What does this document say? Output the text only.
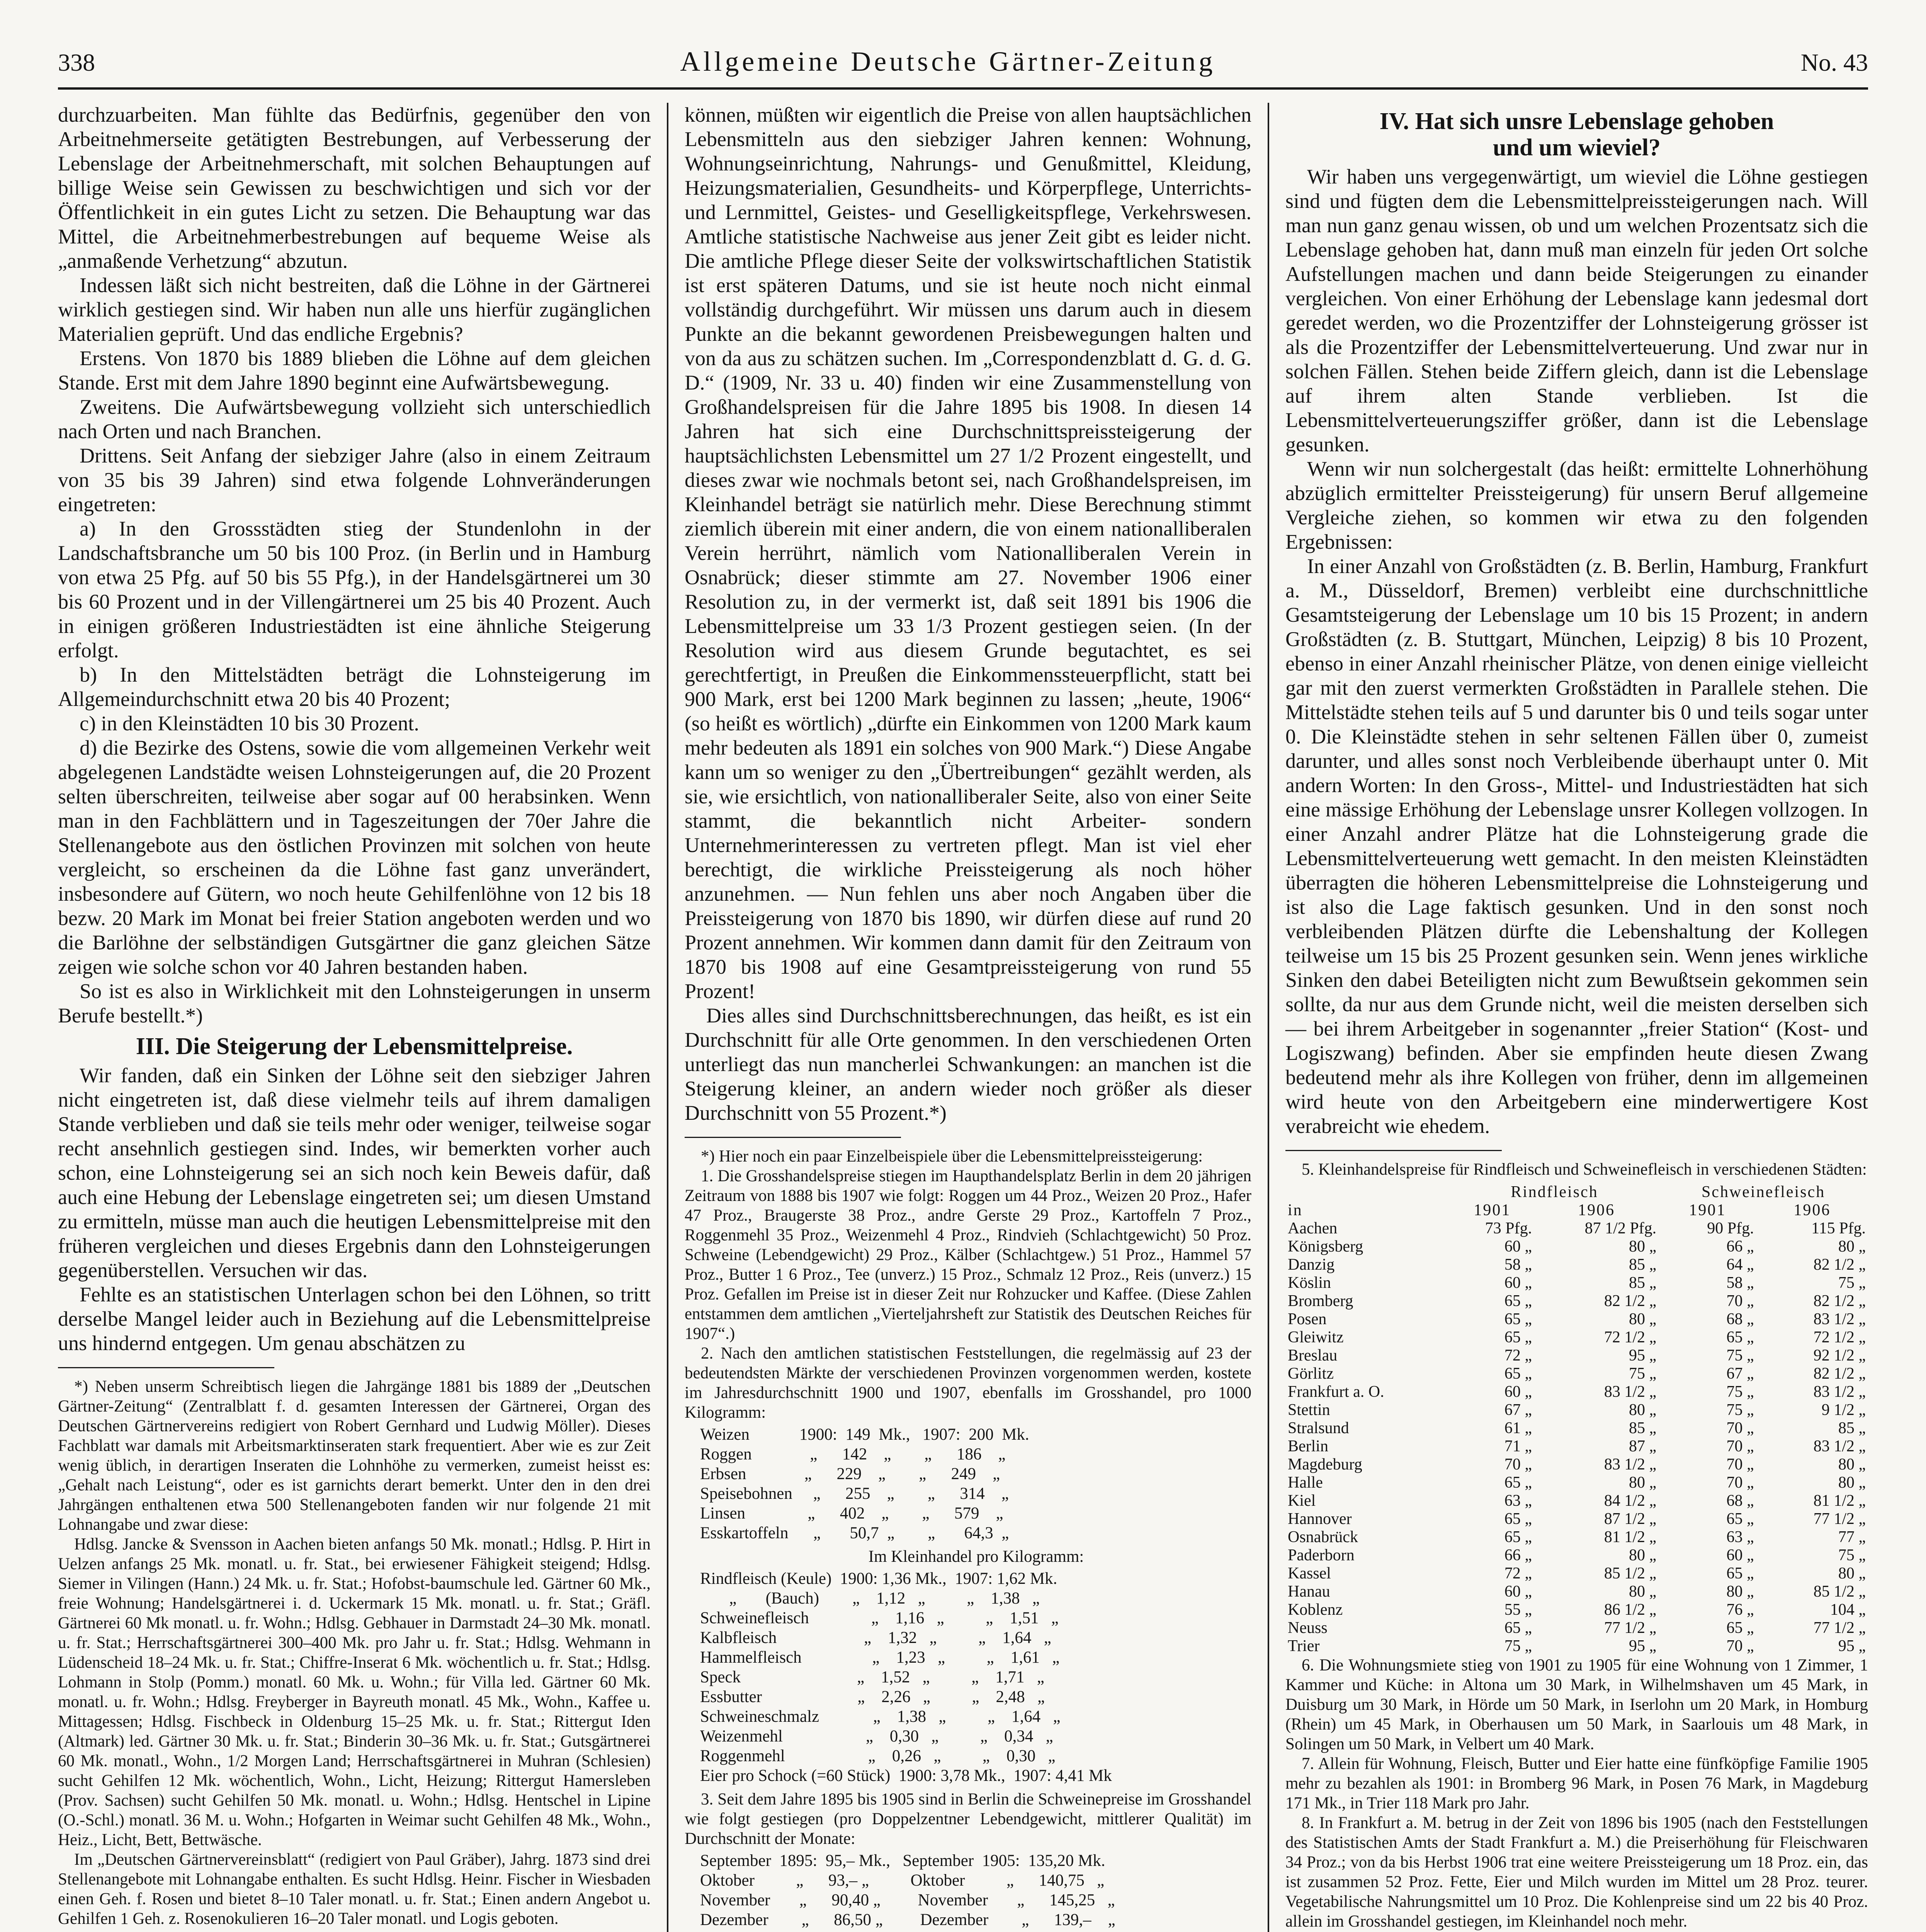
338	Allgemeine Deutsche Gärtner-Zeitung	No. 43

durchzuarbeiten. Man fühlte das Bedürfnis, gegenüber den von Arbeitnehmerseite getätigten Bestrebungen, auf Verbesserung der Lebenslage der Arbeitnehmerschaft, mit solchen Behauptungen auf billige Weise sein Gewissen zu beschwichtigen und sich vor der Öffentlichkeit in ein gutes Licht zu setzen. Die Behauptung war das Mittel, die Arbeitnehmerbestrebungen auf bequeme Weise als „anmaßende Verhetzung“ abzutun.

Indessen läßt sich nicht bestreiten, daß die Löhne in der Gärtnerei wirklich gestiegen sind. Wir haben nun alle uns hierfür zugänglichen Materialien geprüft. Und das endliche Ergebnis?

Erstens. Von 1870 bis 1889 blieben die Löhne auf dem gleichen Stande. Erst mit dem Jahre 1890 beginnt eine Aufwärtsbewegung.

Zweitens. Die Aufwärtsbewegung vollzieht sich unterschiedlich nach Orten und nach Branchen.

Drittens. Seit Anfang der siebziger Jahre (also in einem Zeitraum von 35 bis 39 Jahren) sind etwa folgende Lohnveränderungen eingetreten:

a) In den Grossstädten stieg der Stundenlohn in der Landschaftsbranche um 50 bis 100 Proz. (in Berlin und in Hamburg von etwa 25 Pfg. auf 50 bis 55 Pfg.), in der Handelsgärtnerei um 30 bis 60 Prozent und in der Villengärtnerei um 25 bis 40 Prozent. Auch in einigen größeren Industriestädten ist eine ähnliche Steigerung erfolgt.

b) In den Mittelstädten beträgt die Lohnsteigerung im Allgemeindurchschnitt etwa 20 bis 40 Prozent;

c) in den Kleinstädten 10 bis 30 Prozent.

d) die Bezirke des Ostens, sowie die vom allgemeinen Verkehr weit abgelegenen Landstädte weisen Lohnsteigerungen auf, die 20 Prozent selten überschreiten, teilweise aber sogar auf 00 herabsinken. Wenn man in den Fachblättern und in Tageszeitungen der 70er Jahre die Stellenangebote aus den östlichen Provinzen mit solchen von heute vergleicht, so erscheinen da die Löhne fast ganz unverändert, insbesondere auf Gütern, wo noch heute Gehilfenlöhne von 12 bis 18 bezw. 20 Mark im Monat bei freier Station angeboten werden und wo die Barlöhne der selbständigen Gutsgärtner die ganz gleichen Sätze zeigen wie solche schon vor 40 Jahren bestanden haben.

So ist es also in Wirklichkeit mit den Lohnsteigerungen in unserm Berufe bestellt.*)

III. Die Steigerung der Lebensmittelpreise.

Wir fanden, daß ein Sinken der Löhne seit den siebziger Jahren nicht eingetreten ist, daß diese vielmehr teils auf ihrem damaligen Stande verblieben und daß sie teils mehr oder weniger, teilweise sogar recht ansehnlich gestiegen sind. Indes, wir bemerkten vorher auch schon, eine Lohnsteigerung sei an sich noch kein Beweis dafür, daß auch eine Hebung der Lebenslage eingetreten sei; um diesen Umstand zu ermitteln, müsse man auch die heutigen Lebensmittelpreise mit den früheren vergleichen und dieses Ergebnis dann den Lohnsteigerungen gegenüberstellen. Versuchen wir das.

Fehlte es an statistischen Unterlagen schon bei den Löhnen, so tritt derselbe Mangel leider auch in Beziehung auf die Lebensmittelpreise uns hindernd entgegen. Um genau abschätzen zu

*) Neben unserm Schreibtisch liegen die Jahrgänge 1881 bis 1889 der „Deutschen Gärtner-Zeitung“ (Zentralblatt f. d. gesamten Interessen der Gärtnerei, Organ des Deutschen Gärtnervereins redigiert von Robert Gernhard und Ludwig Möller). Dieses Fachblatt war damals mit Arbeitsmarktinseraten stark frequentiert. Aber wie es zur Zeit wenig üblich, in derartigen Inseraten die Lohnhöhe zu vermerken, zumeist heisst es: „Gehalt nach Leistung“, oder es ist garnichts derart bemerkt. Unter den in den drei Jahrgängen enthaltenen etwa 500 Stellenangeboten fanden wir nur folgende 21 mit Lohnangabe und zwar diese:

Hdlsg. Jancke & Svensson in Aachen bieten anfangs 50 Mk. monatl.; Hdlsg. P. Hirt in Uelzen anfangs 25 Mk. monatl. u. fr. Stat., bei erwiesener Fähigkeit steigend; Hdlsg. Siemer in Vilingen (Hann.) 24 Mk. u. fr. Stat.; Hofobst-baumschule led. Gärtner 60 Mk., freie Wohnung; Handelsgärtnerei i. d. Uckermark 15 Mk. monatl. u. fr. Stat.; Gräfl. Gärtnerei 60 Mk monatl. u. fr. Wohn.; Hdlsg. Gebhauer in Darmstadt 24–30 Mk. monatl. u. fr. Stat.; Herrschaftsgärtnerei 300–400 Mk. pro Jahr u. fr. Stat.; Hdlsg. Wehmann in Lüdenscheid 18–24 Mk. u. fr. Stat.; Chiffre-Inserat 6 Mk. wöchentlich u. fr. Stat.; Hdlsg. Lohmann in Stolp (Pomm.) monatl. 60 Mk. u. Wohn.; für Villa led. Gärtner 60 Mk. monatl. u. fr. Wohn.; Hdlsg. Freyberger in Bayreuth monatl. 45 Mk., Wohn., Kaffee u. Mittagessen; Hdlsg. Fischbeck in Oldenburg 15–25 Mk. u. fr. Stat.; Rittergut Iden (Altmark) led. Gärtner 30 Mk. u. fr. Stat.; Binderin 30–36 Mk. u. fr. Stat.; Gutsgärtnerei 60 Mk. monatl., Wohn., 1/2 Morgen Land; Herrschaftsgärtnerei in Muhran (Schlesien) sucht Gehilfen 12 Mk. wöchentlich, Wohn., Licht, Heizung; Rittergut Hamersleben (Prov. Sachsen) sucht Gehilfen 50 Mk. monatl. u. Wohn.; Hdlsg. Hentschel in Lipine (O.-Schl.) monatl. 36 M. u. Wohn.; Hofgarten in Weimar sucht Gehilfen 48 Mk., Wohn., Heiz., Licht, Bett, Bettwäsche.

Im „Deutschen Gärtnervereinsblatt“ (redigiert von Paul Gräber), Jahrg. 1873 sind drei Stellenangebote mit Lohnangabe enthalten. Es sucht Hdlsg. Heinr. Fischer in Wiesbaden einen Geh. f. Rosen und bietet 8–10 Taler monatl. u. fr. Stat.; Einen andern Angebot u. Gehilfen 1 Geh. z. Rosenokulieren 16–20 Taler monatl. und Logis geboten.

können, müßten wir eigentlich die Preise von allen hauptsächlichen Lebensmitteln aus den siebziger Jahren kennen: Wohnung, Wohnungseinrichtung, Nahrungs- und Genußmittel, Kleidung, Heizungsmaterialien, Gesundheits- und Körperpflege, Unterrichts- und Lernmittel, Geistes- und Geselligkeitspflege, Verkehrswesen. Amtliche statistische Nachweise aus jener Zeit gibt es leider nicht. Die amtliche Pflege dieser Seite der volkswirtschaftlichen Statistik ist erst späteren Datums, und sie ist heute noch nicht einmal vollständig durchgeführt. Wir müssen uns darum auch in diesem Punkte an die bekannt gewordenen Preisbewegungen halten und von da aus zu schätzen suchen. Im „Correspondenzblatt d. G. d. G. D.“ (1909, Nr. 33 u. 40) finden wir eine Zusammenstellung von Großhandelspreisen für die Jahre 1895 bis 1908. In diesen 14 Jahren hat sich eine Durchschnittspreissteigerung der hauptsächlichsten Lebensmittel um 27 1/2 Prozent eingestellt, und dieses zwar wie nochmals betont sei, nach Großhandelspreisen, im Kleinhandel beträgt sie natürlich mehr. Diese Berechnung stimmt ziemlich überein mit einer andern, die von einem nationalliberalen Verein herrührt, nämlich vom Nationalliberalen Verein in Osnabrück; dieser stimmte am 27. November 1906 einer Resolution zu, in der vermerkt ist, daß seit 1891 bis 1906 die Lebensmittelpreise um 33 1/3 Prozent gestiegen seien. (In der Resolution wird aus diesem Grunde begutachtet, es sei gerechtfertigt, in Preußen die Einkommenssteuerpflicht, statt bei 900 Mark, erst bei 1200 Mark beginnen zu lassen; „heute, 1906“ (so heißt es wörtlich) „dürfte ein Einkommen von 1200 Mark kaum mehr bedeuten als 1891 ein solches von 900 Mark.“) Diese Angabe kann um so weniger zu den „Übertreibungen“ gezählt werden, als sie, wie ersichtlich, von nationalliberaler Seite, also von einer Seite stammt, die bekanntlich nicht Arbeiter- sondern Unternehmerinteressen zu vertreten pflegt. Man ist viel eher berechtigt, die wirkliche Preissteigerung als noch höher anzunehmen. — Nun fehlen uns aber noch Angaben über die Preissteigerung von 1870 bis 1890, wir dürfen diese auf rund 20 Prozent annehmen. Wir kommen dann damit für den Zeitraum von 1870 bis 1908 auf eine Gesamtpreissteigerung von rund 55 Prozent!

Dies alles sind Durchschnittsberechnungen, das heißt, es ist ein Durchschnitt für alle Orte genommen. In den verschiedenen Orten unterliegt das nun mancherlei Schwankungen: an manchen ist die Steigerung kleiner, an andern wieder noch größer als dieser Durchschnitt von 55 Prozent.*)

*) Hier noch ein paar Einzelbeispiele über die Lebensmittelpreissteigerung:

1. Die Grosshandelspreise stiegen im Haupthandelsplatz Berlin in dem 20 jährigen Zeitraum von 1888 bis 1907 wie folgt: Roggen um 44 Proz., Weizen 20 Proz., Hafer 47 Proz., Braugerste 38 Proz., andre Gerste 29 Proz., Kartoffeln 7 Proz., Roggenmehl 35 Proz., Weizenmehl 4 Proz., Rindvieh (Schlachtgewicht) 50 Proz. Schweine (Lebendgewicht) 29 Proz., Kälber (Schlachtgew.) 51 Proz., Hammel 57 Proz., Butter 1 6 Proz., Tee (unverz.) 15 Proz., Schmalz 12 Proz., Reis (unverz.) 15 Proz. Gefallen im Preise ist in dieser Zeit nur Rohzucker und Kaffee. (Diese Zahlen entstammen dem amtlichen „Vierteljahrsheft zur Statistik des Deutschen Reiches für 1907“.)

2. Nach den amtlichen statistischen Feststellungen, die regelmässig auf 23 der bedeutendsten Märkte der verschiedenen Provinzen vorgenommen werden, kostete im Jahresdurchschnitt 1900 und 1907, ebenfalls im Grosshandel, pro 1000 Kilogramm:

Weizen            1900:  149  Mk.,   1907:  200  Mk.
Roggen              „      142    „        „      186    „
Erbsen              „      229    „        „      249    „
Speisebohnen     „      255    „        „      314    „
Linsen               „      402    „        „      579    „
Esskartoffeln      „       50,7  „        „       64,3  „

Im Kleinhandel pro Kilogramm:

Rindfleisch (Keule)  1900: 1,36 Mk.,  1907: 1,62 Mk.
„       (Bauch)        „    1,12   „          „    1,38   „
Schweinefleisch               „    1,16   „          „    1,51   „
Kalbfleisch                     „    1,32   „          „    1,64   „
Hammelfleisch                 „    1,23   „          „    1,61   „
Speck                            „    1,52   „          „    1,71   „
Essbutter                       „    2,26   „          „    2,48   „
Schweineschmalz             „    1,38   „          „    1,64   „
Weizenmehl                    „    0,30   „          „    0,34   „
Roggenmehl                    „    0,26   „          „    0,30   „
Eier pro Schock (=60 Stück)  1900: 3,78 Mk.,  1907: 4,41 Mk

3. Seit dem Jahre 1895 bis 1905 sind in Berlin die Schweinepreise im Grosshandel wie folgt gestiegen (pro Doppelzentner Lebendgewicht, mittlerer Qualität) im Durchschnitt der Monate:

September  1895:  95,– Mk.,   September  1905:  135,20 Mk.
Oktober          „      93,– „          Oktober          „      140,75   „
November       „      90,40 „         November       „      145,25   „
Dezember        „      86,50 „         Dezember        „      139,–    „

IV. Hat sich unsre Lebenslage gehoben
und um wieviel?

Wir haben uns vergegenwärtigt, um wieviel die Löhne gestiegen sind und fügten dem die Lebensmittelpreissteigerungen nach. Will man nun ganz genau wissen, ob und um welchen Prozentsatz sich die Lebenslage gehoben hat, dann muß man einzeln für jeden Ort solche Aufstellungen machen und dann beide Steigerungen zu einander vergleichen. Von einer Erhöhung der Lebenslage kann jedesmal dort geredet werden, wo die Prozentziffer der Lohnsteigerung grösser ist als die Prozentziffer der Lebensmittelverteuerung. Und zwar nur in solchen Fällen. Stehen beide Ziffern gleich, dann ist die Lebenslage auf ihrem alten Stande verblieben. Ist die Lebensmittelverteuerungsziffer größer, dann ist die Lebenslage gesunken.

Wenn wir nun solchergestalt (das heißt: ermittelte Lohnerhöhung abzüglich ermittelter Preissteigerung) für unsern Beruf allgemeine Vergleiche ziehen, so kommen wir etwa zu den folgenden Ergebnissen:

In einer Anzahl von Großstädten (z. B. Berlin, Hamburg, Frankfurt a. M., Düsseldorf, Bremen) verbleibt eine durchschnittliche Gesamtsteigerung der Lebenslage um 10 bis 15 Prozent; in andern Großstädten (z. B. Stuttgart, München, Leipzig) 8 bis 10 Prozent, ebenso in einer Anzahl rheinischer Plätze, von denen einige vielleicht gar mit den zuerst vermerkten Großstädten in Parallele stehen. Die Mittelstädte stehen teils auf 5 und darunter bis 0 und teils sogar unter 0. Die Kleinstädte stehen in sehr seltenen Fällen über 0, zumeist darunter, und alles sonst noch Verbleibende überhaupt unter 0. Mit andern Worten: In den Gross-, Mittel- und Industriestädten hat sich eine mässige Erhöhung der Lebenslage unsrer Kollegen vollzogen. In einer Anzahl andrer Plätze hat die Lohnsteigerung grade die Lebensmittelverteuerung wett gemacht. In den meisten Kleinstädten überragten die höheren Lebensmittelpreise die Lohnsteigerung und ist also die Lage faktisch gesunken. Und in den sonst noch verbleibenden Plätzen dürfte die Lebenshaltung der Kollegen teilweise um 15 bis 25 Prozent gesunken sein. Wenn jenes wirkliche Sinken den dabei Beteiligten nicht zum Bewußtsein gekommen sein sollte, da nur aus dem Grunde nicht, weil die meisten derselben sich — bei ihrem Arbeitgeber in sogenannter „freier Station“ (Kost- und Logiszwang) befinden. Aber sie empfinden heute diesen Zwang bedeutend mehr als ihre Kollegen von früher, denn im allgemeinen wird heute von den Arbeitgebern eine minderwertigere Kost verabreicht wie ehedem.

5. Kleinhandelspreise für Rindfleisch und Schweinefleisch in verschiedenen Städten:

	Rindfleisch		Schweinefleisch	
in	1901	1906	1901	1906
Aachen	73 Pfg.	87 1/2 Pfg.	90 Pfg.	115 Pfg.
Königsberg	60 „	80 „	66 „	80 „
Danzig	58 „	85 „	64 „	82 1/2 „
Köslin	60 „	85 „	58 „	75 „
Bromberg	65 „	82 1/2 „	70 „	82 1/2 „
Posen	65 „	80 „	68 „	83 1/2 „
Gleiwitz	65 „	72 1/2 „	65 „	72 1/2 „
Breslau	72 „	95 „	75 „	92 1/2 „
Görlitz	65 „	75 „	67 „	82 1/2 „
Frankfurt a. O.	60 „	83 1/2 „	75 „	83 1/2 „
Stettin	67 „	80 „	75 „	9 1/2 „
Stralsund	61 „	85 „	70 „	85 „
Berlin	71 „	87 „	70 „	83 1/2 „
Magdeburg	70 „	83 1/2 „	70 „	80 „
Halle	65 „	80 „	70 „	80 „
Kiel	63 „	84 1/2 „	68 „	81 1/2 „
Hannover	65 „	87 1/2 „	65 „	77 1/2 „
Osnabrück	65 „	81 1/2 „	63 „	77 „
Paderborn	66 „	80 „	60 „	75 „
Kassel	72 „	85 1/2 „	65 „	80 „
Hanau	60 „	80 „	80 „	85 1/2 „
Koblenz	55 „	86 1/2 „	76 „	104 „
Neuss	65 „	77 1/2 „	65 „	77 1/2 „
Trier	75 „	95 „	70 „	95 „

6. Die Wohnungsmiete stieg von 1901 zu 1905 für eine Wohnung von 1 Zimmer, 1 Kammer und Küche: in Altona um 30 Mark, in Wilhelmshaven um 45 Mark, in Duisburg um 30 Mark, in Hörde um 50 Mark, in Iserlohn um 20 Mark, in Homburg (Rhein) um 45 Mark, in Oberhausen um 50 Mark, in Saarlouis um 48 Mark, in Solingen um 50 Mark, in Velbert um 40 Mark.

7. Allein für Wohnung, Fleisch, Butter und Eier hatte eine fünfköpfige Familie 1905 mehr zu bezahlen als 1901: in Bromberg 96 Mark, in Posen 76 Mark, in Magdeburg 171 Mk., in Trier 118 Mark pro Jahr.

8. In Frankfurt a. M. betrug in der Zeit von 1896 bis 1905 (nach den Feststellungen des Statistischen Amts der Stadt Frankfurt a. M.) die Preiserhöhung für Fleischwaren 34 Proz.; von da bis Herbst 1906 trat eine weitere Preissteigerung um 18 Proz. ein, das ist zusammen 52 Proz. Fette, Eier und Milch wurden im Mittel um 28 Proz. teurer. Vegetabilische Nahrungsmittel um 10 Proz. Die Kohlenpreise sind um 22 bis 40 Proz. allein im Grosshandel gestiegen, im Kleinhandel noch mehr.
